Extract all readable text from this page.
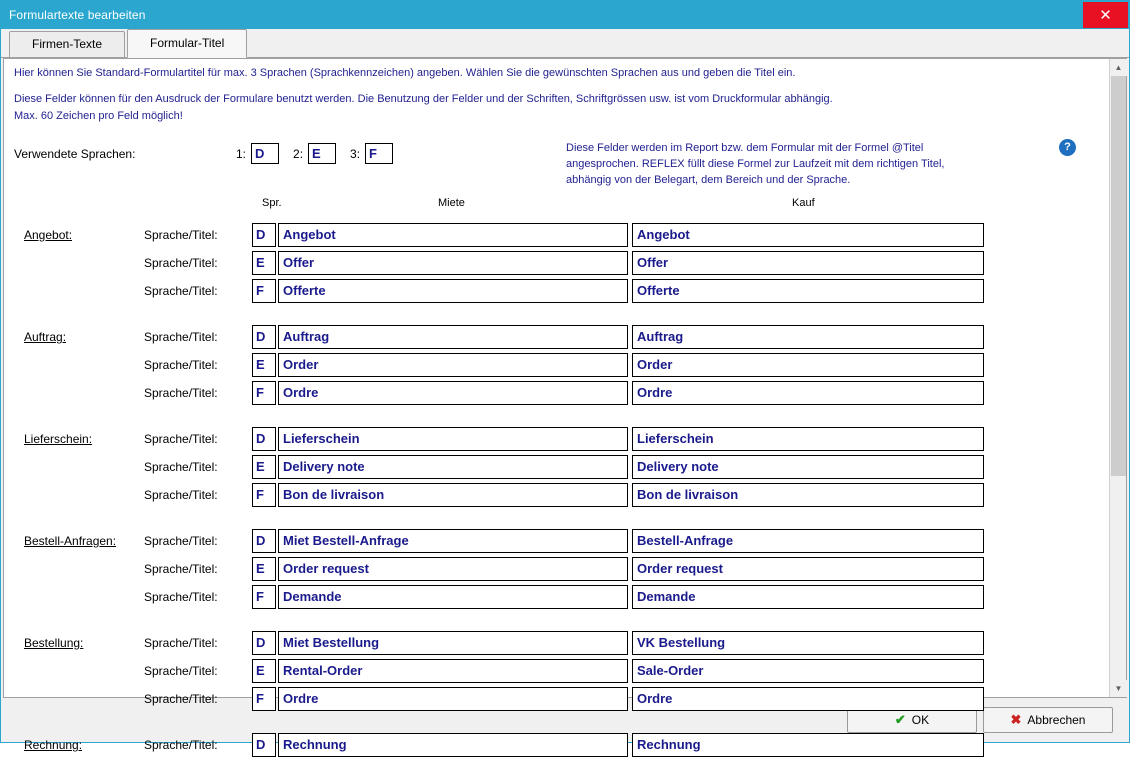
Formulartexte bearbeiten	✕
Firmen-Texte	Formular-Titel
Hier können Sie Standard-Formulartitel für max. 3 Sprachen (Sprachkennzeichen) angeben. Wählen Sie die gewünschten Sprachen aus und geben die Titel ein.
Diese Felder können für den Ausdruck der Formulare benutzt werden. Die Benutzung der Felder und der Schriften, Schriftgrössen usw. ist vom Druckformular abhängig.
Max. 60 Zeichen pro Feld möglich!
Verwendete Sprachen:	1: D	2: E	3: F	Diese Felder werden im Report bzw. dem Formular mit der Formel @Titel
angesprochen. REFLEX füllt diese Formel zur Laufzeit mit dem richtigen Titel,
abhängig von der Belegart, dem Bereich und der Sprache.
?
Spr.	Miete	Kauf
Angebot:	Sprache/Titel:	D	Angebot	Angebot
Sprache/Titel:	E	Offer	Offer
Sprache/Titel:	F	Offerte	Offerte
Auftrag:	Sprache/Titel:	D	Auftrag	Auftrag
Sprache/Titel:	E	Order	Order
Sprache/Titel:	F	Ordre	Ordre
Lieferschein:	Sprache/Titel:	D	Lieferschein	Lieferschein
Sprache/Titel:	E	Delivery note	Delivery note
Sprache/Titel:	F	Bon de livraison	Bon de livraison
Bestell-Anfragen:	Sprache/Titel:	D	Miet Bestell-Anfrage	Bestell-Anfrage
Sprache/Titel:	E	Order request	Order request
Sprache/Titel:	F	Demande	Demande
Bestellung:	Sprache/Titel:	D	Miet Bestellung	VK Bestellung
Sprache/Titel:	E	Rental-Order	Sale-Order
Sprache/Titel:	F	Ordre	Ordre
Rechnung:	Sprache/Titel:	D	Rechnung	Rechnung
▲
▼
✔ OK	✖ Abbrechen
